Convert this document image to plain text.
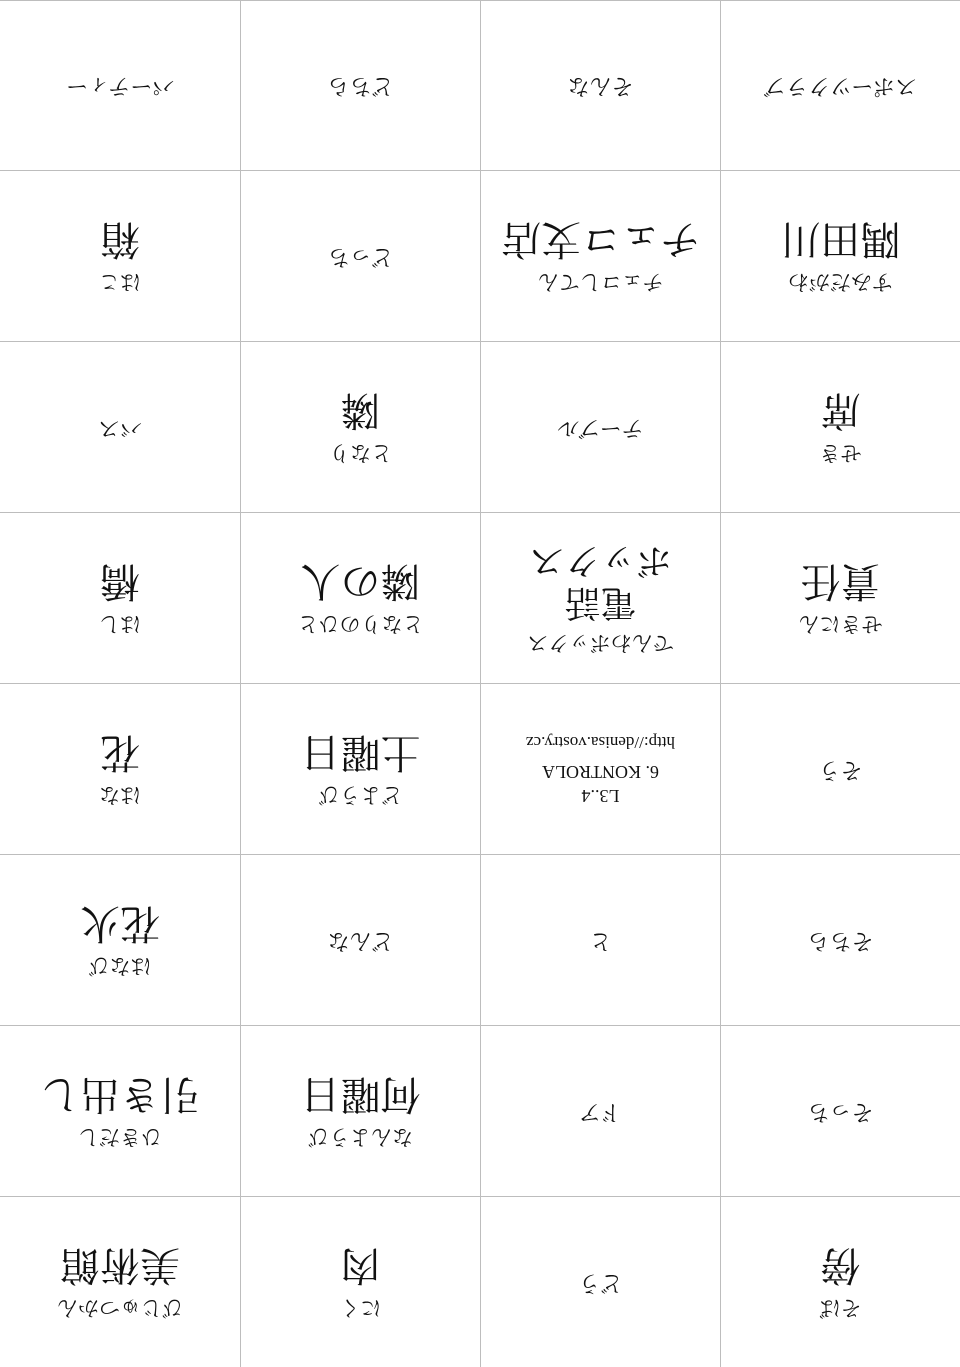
そば
傍
どう
にく
肉
びじゅつかん
美術館
そっち
ドア
なんようび
何曜日
ひきだし
引き出し
そちら
と
どんな
はなび
花火
そう
L3..4
6. KONTROLA
http://denisa.vostry.cz
どようび
土曜日
はな
花
せきにん
責任
でんわボックス
電話
ボックス
となりのひと
隣の人
はし
橋
せき
席
テーブル
となり
隣
バス
すみだがわ
隅田川
チェコしてん
チェコ支店
どっち
はこ
箱
スポーツクラブ
そんな
どちら
パーティー
